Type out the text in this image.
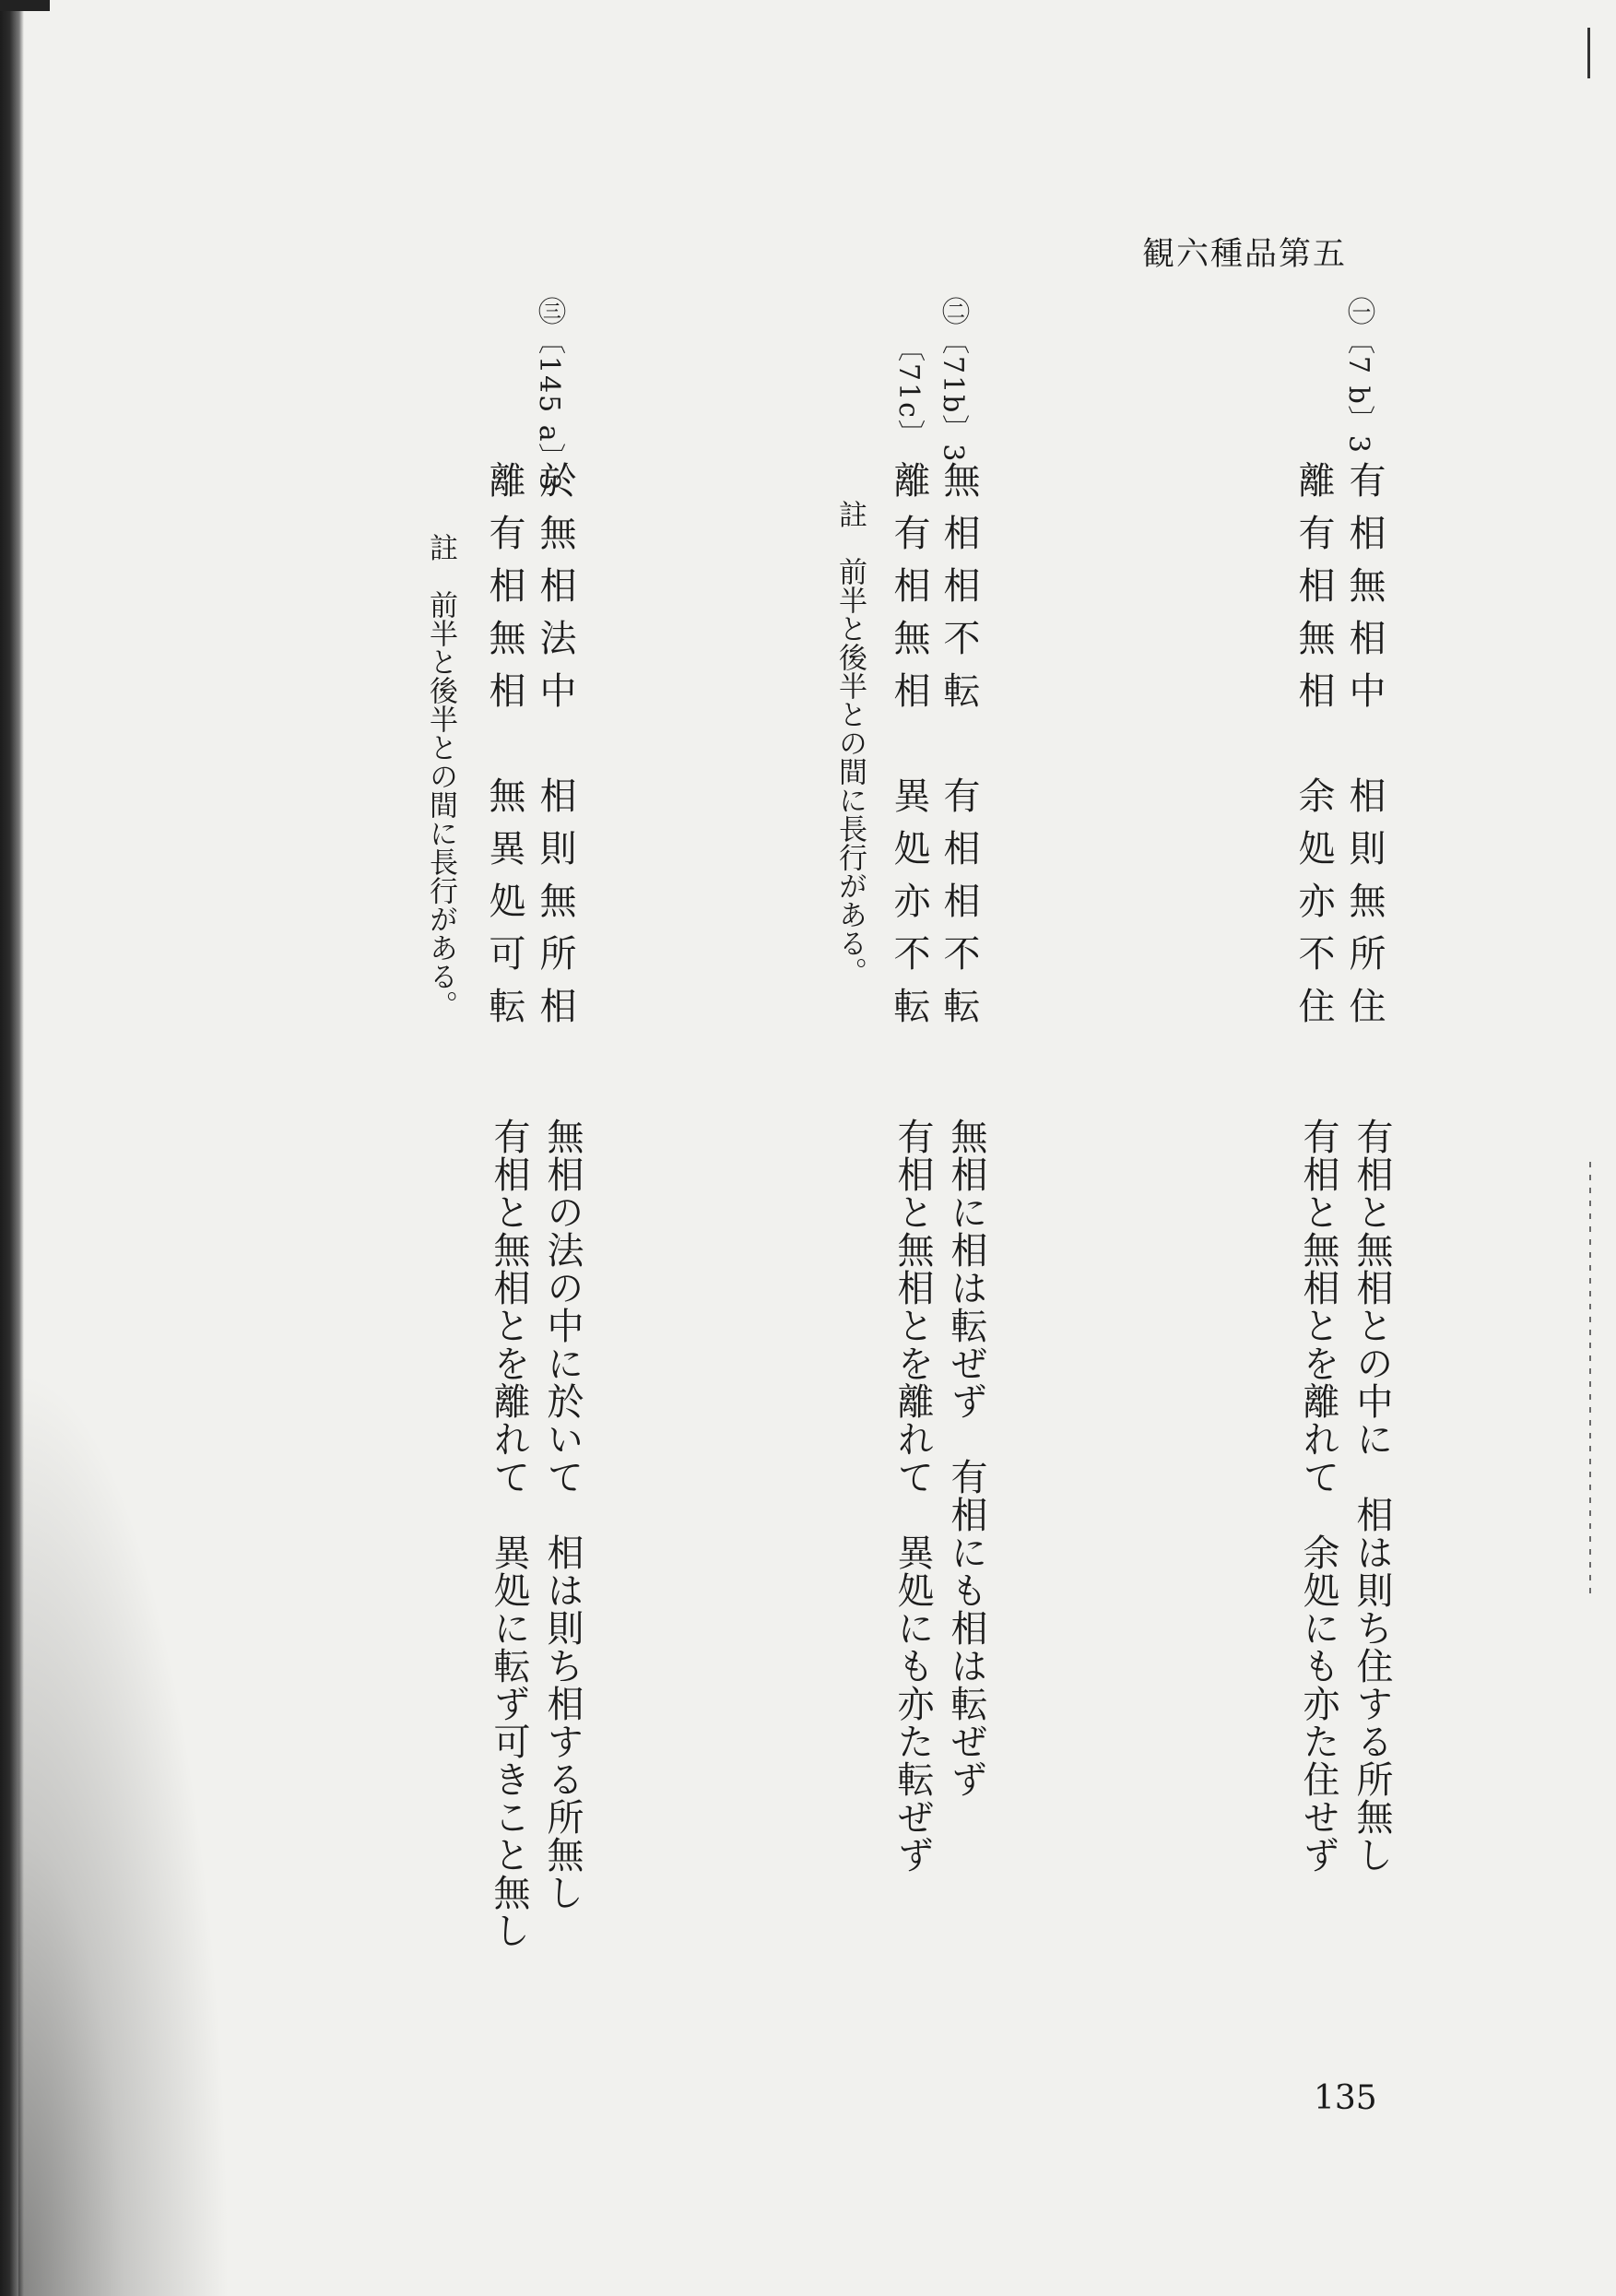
観六種品第五
㊀〔7 b〕3
有相無相中　相則無所住
離有相無相　余処亦不住
有相と無相との中に　相は則ち住する所無し
有相と無相とを離れて　余処にも亦た住せず
㊁〔71b〕3
〔71c〕
無相相不転　有相相不転
離有相無相　異処亦不転
註　前半と後半との間に長行がある。
無相に相は転ぜず　有相にも相は転ぜず
有相と無相とを離れて　異処にも亦た転ぜず
㊂〔145 a〕3
於無相法中　相則無所相
離有相無相　無異処可転
註　前半と後半との間に長行がある。
無相の法の中に於いて　相は則ち相する所無し
有相と無相とを離れて　異処に転ず可きこと無し
135
